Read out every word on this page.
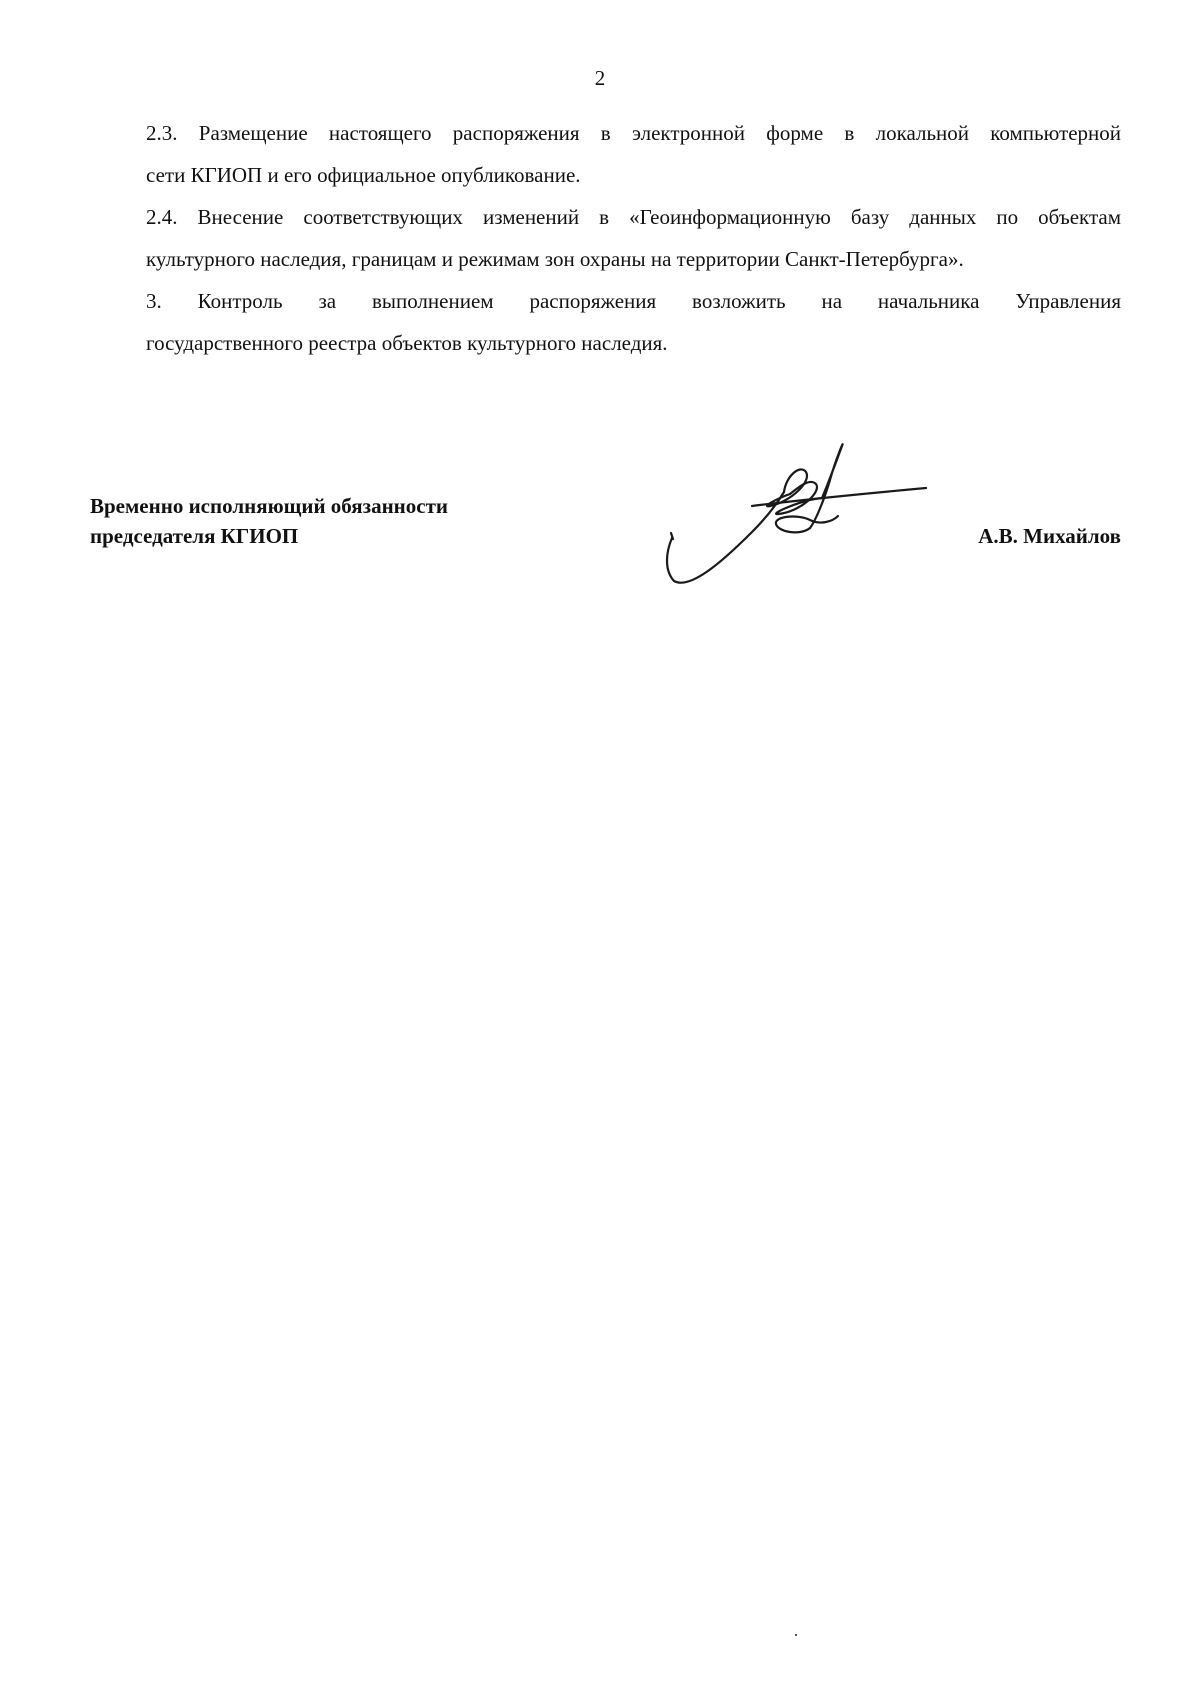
2

2.3. Размещение настоящего распоряжения в электронной форме в локальной компьютерной
сети КГИОП и его официальное опубликование.

2.4. Внесение соответствующих изменений в «Геоинформационную базу данных по объектам
культурного наследия, границам и режимам зон охраны на территории Санкт-Петербурга».

3. Контроль за выполнением распоряжения возложить на начальника Управления
государственного реестра объектов культурного наследия.

Временно исполняющий обязанности
председателя КГИОП	А.В. Михайлов
